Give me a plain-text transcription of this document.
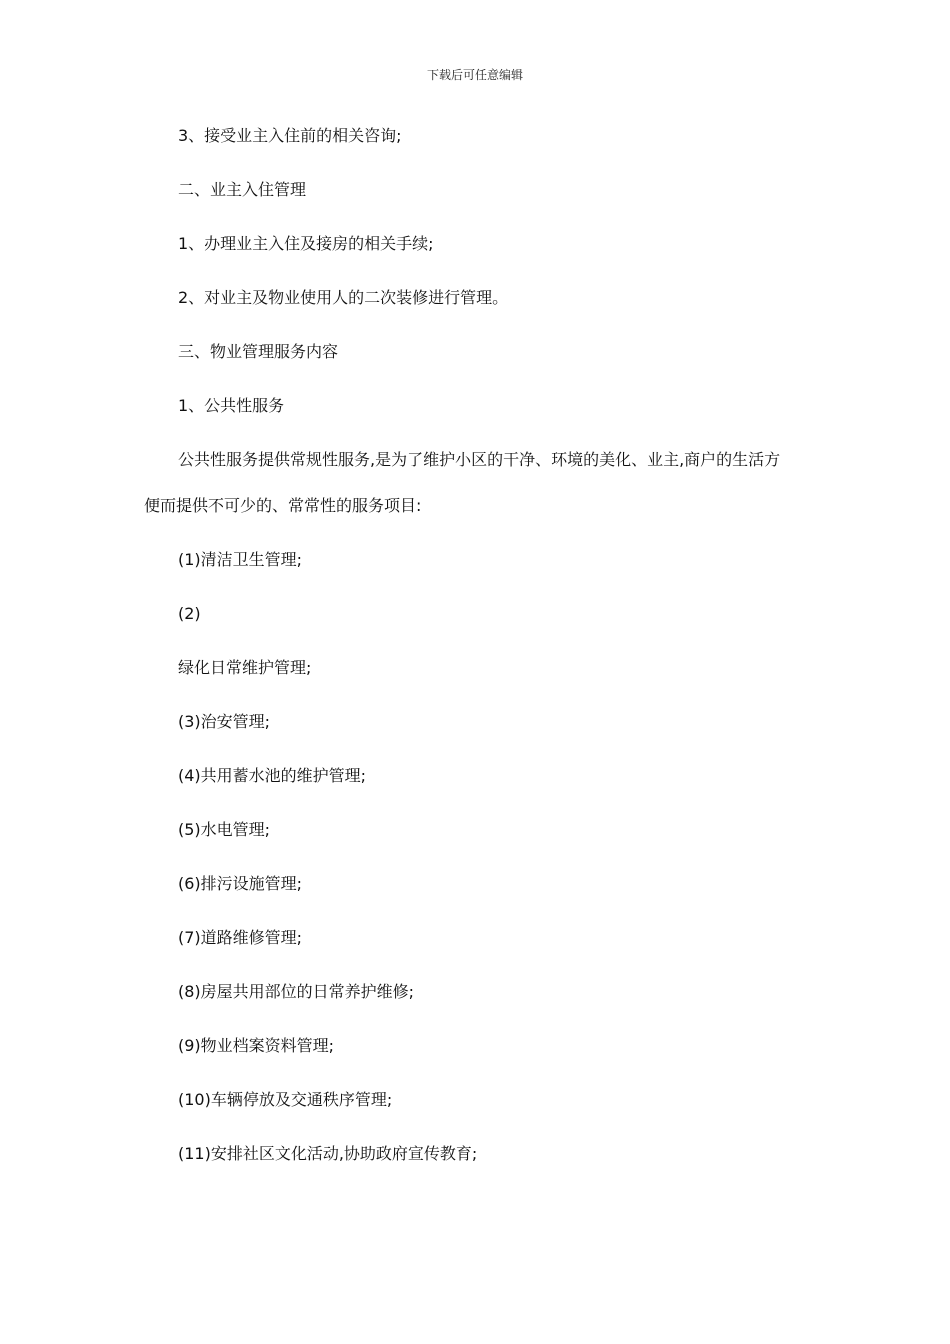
下载后可任意编辑
3、接受业主入住前的相关咨询;
二、业主入住管理
1、办理业主入住及接房的相关手续;
2、对业主及物业使用人的二次装修进行管理。
三、物业管理服务内容
1、公共性服务
公共性服务提供常规性服务,是为了维护小区的干净、环境的美化、业主,商户的生活方
便而提供不可少的、常常性的服务项目:
(1)清洁卫生管理;
(2)
绿化日常维护管理;
(3)治安管理;
(4)共用蓄水池的维护管理;
(5)水电管理;
(6)排污设施管理;
(7)道路维修管理;
(8)房屋共用部位的日常养护维修;
(9)物业档案资料管理;
(10)车辆停放及交通秩序管理;
(11)安排社区文化活动,协助政府宣传教育;
